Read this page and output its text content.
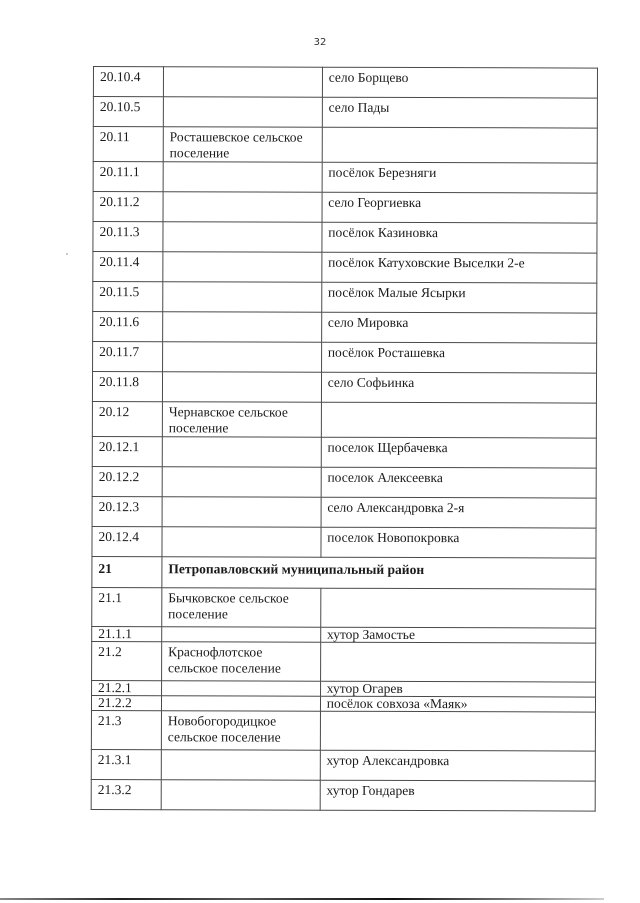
32
20.10.4		село Борщево
20.10.5		село Пады
20.11	Росташевское сельское поселение	
20.11.1		посёлок Березняги
20.11.2		село Георгиевка
20.11.3		посёлок Казиновка
20.11.4		посёлок Катуховские Выселки 2-е
20.11.5		посёлок Малые Ясырки
20.11.6		село Мировка
20.11.7		посёлок Росташевка
20.11.8		село Софьинка
20.12	Чернавское сельское поселение	
20.12.1		поселок Щербачевка
20.12.2		поселок Алексеевка
20.12.3		село Александровка 2-я
20.12.4		поселок Новопокровка
21	Петропавловский муниципальный район	
21.1	Бычковское сельское поселение	
21.1.1		хутор Замостье
21.2	Краснофлотское сельское поселение	
21.2.1		хутор Огарев
21.2.2		посёлок совхоза «Маяк»
21.3	Новобогородицкое сельское поселение	
21.3.1		хутор Александровка
21.3.2		хутор Гондарев
